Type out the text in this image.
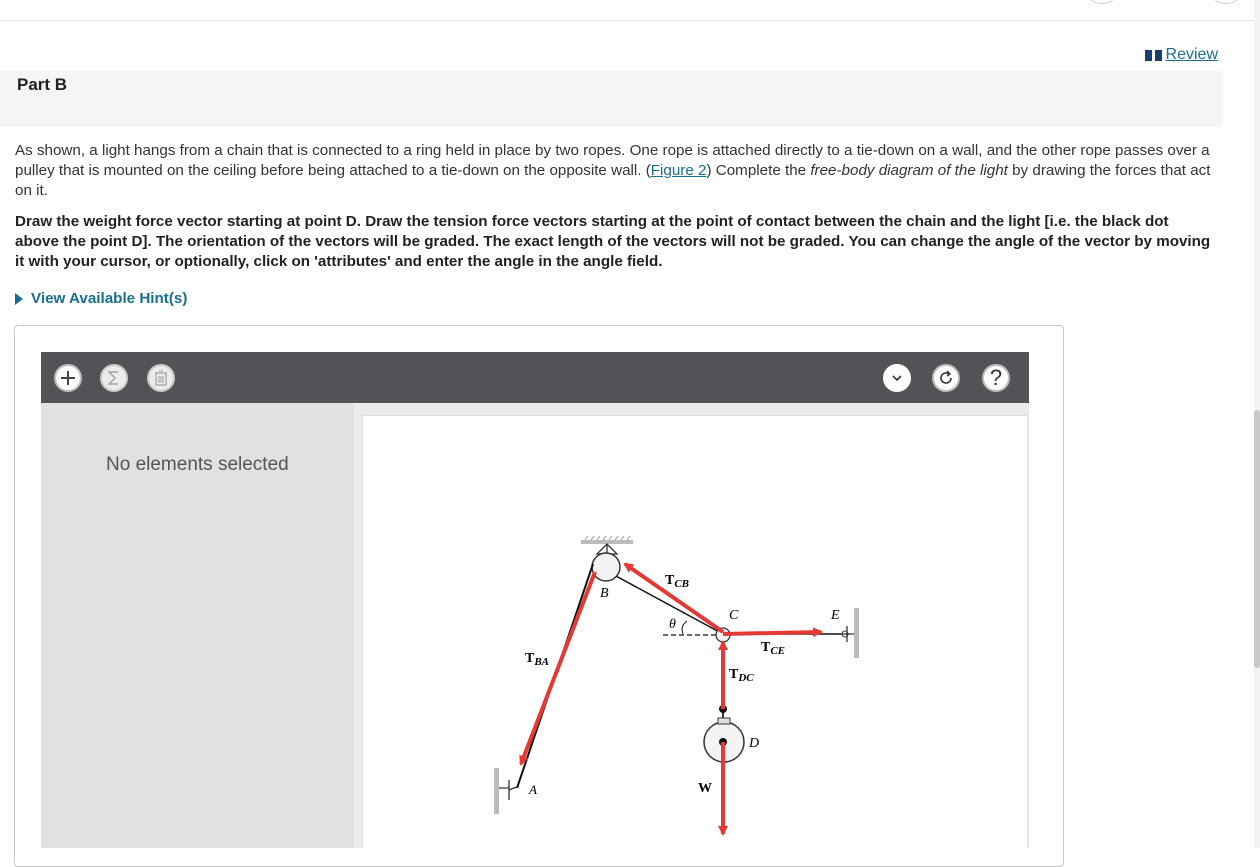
Review
Part B
As shown, a light hangs from a chain that is connected to a ring held in place by two ropes. One rope is attached directly to a tie-down on a wall, and the other rope passes over a pulley that is mounted on the ceiling before being attached to a tie-down on the opposite wall. (Figure 2) Complete the free-body diagram of the light by drawing the forces that act on it.
Draw the weight force vector starting at point D. Draw the tension force vectors starting at the point of contact between the chain and the light [i.e. the black dot above the point D]. The orientation of the vectors will be graded. The exact length of the vectors will not be graded. You can change the angle of the vector by moving it with your cursor, or optionally, click on 'attributes' and enter the angle in the angle field.
View Available Hint(s)
?
No elements selected
B
C	E
D
A
θ
W
$T_{CB}$
$T_{CE}$
$T_{DC}$
$T_{BA}$
